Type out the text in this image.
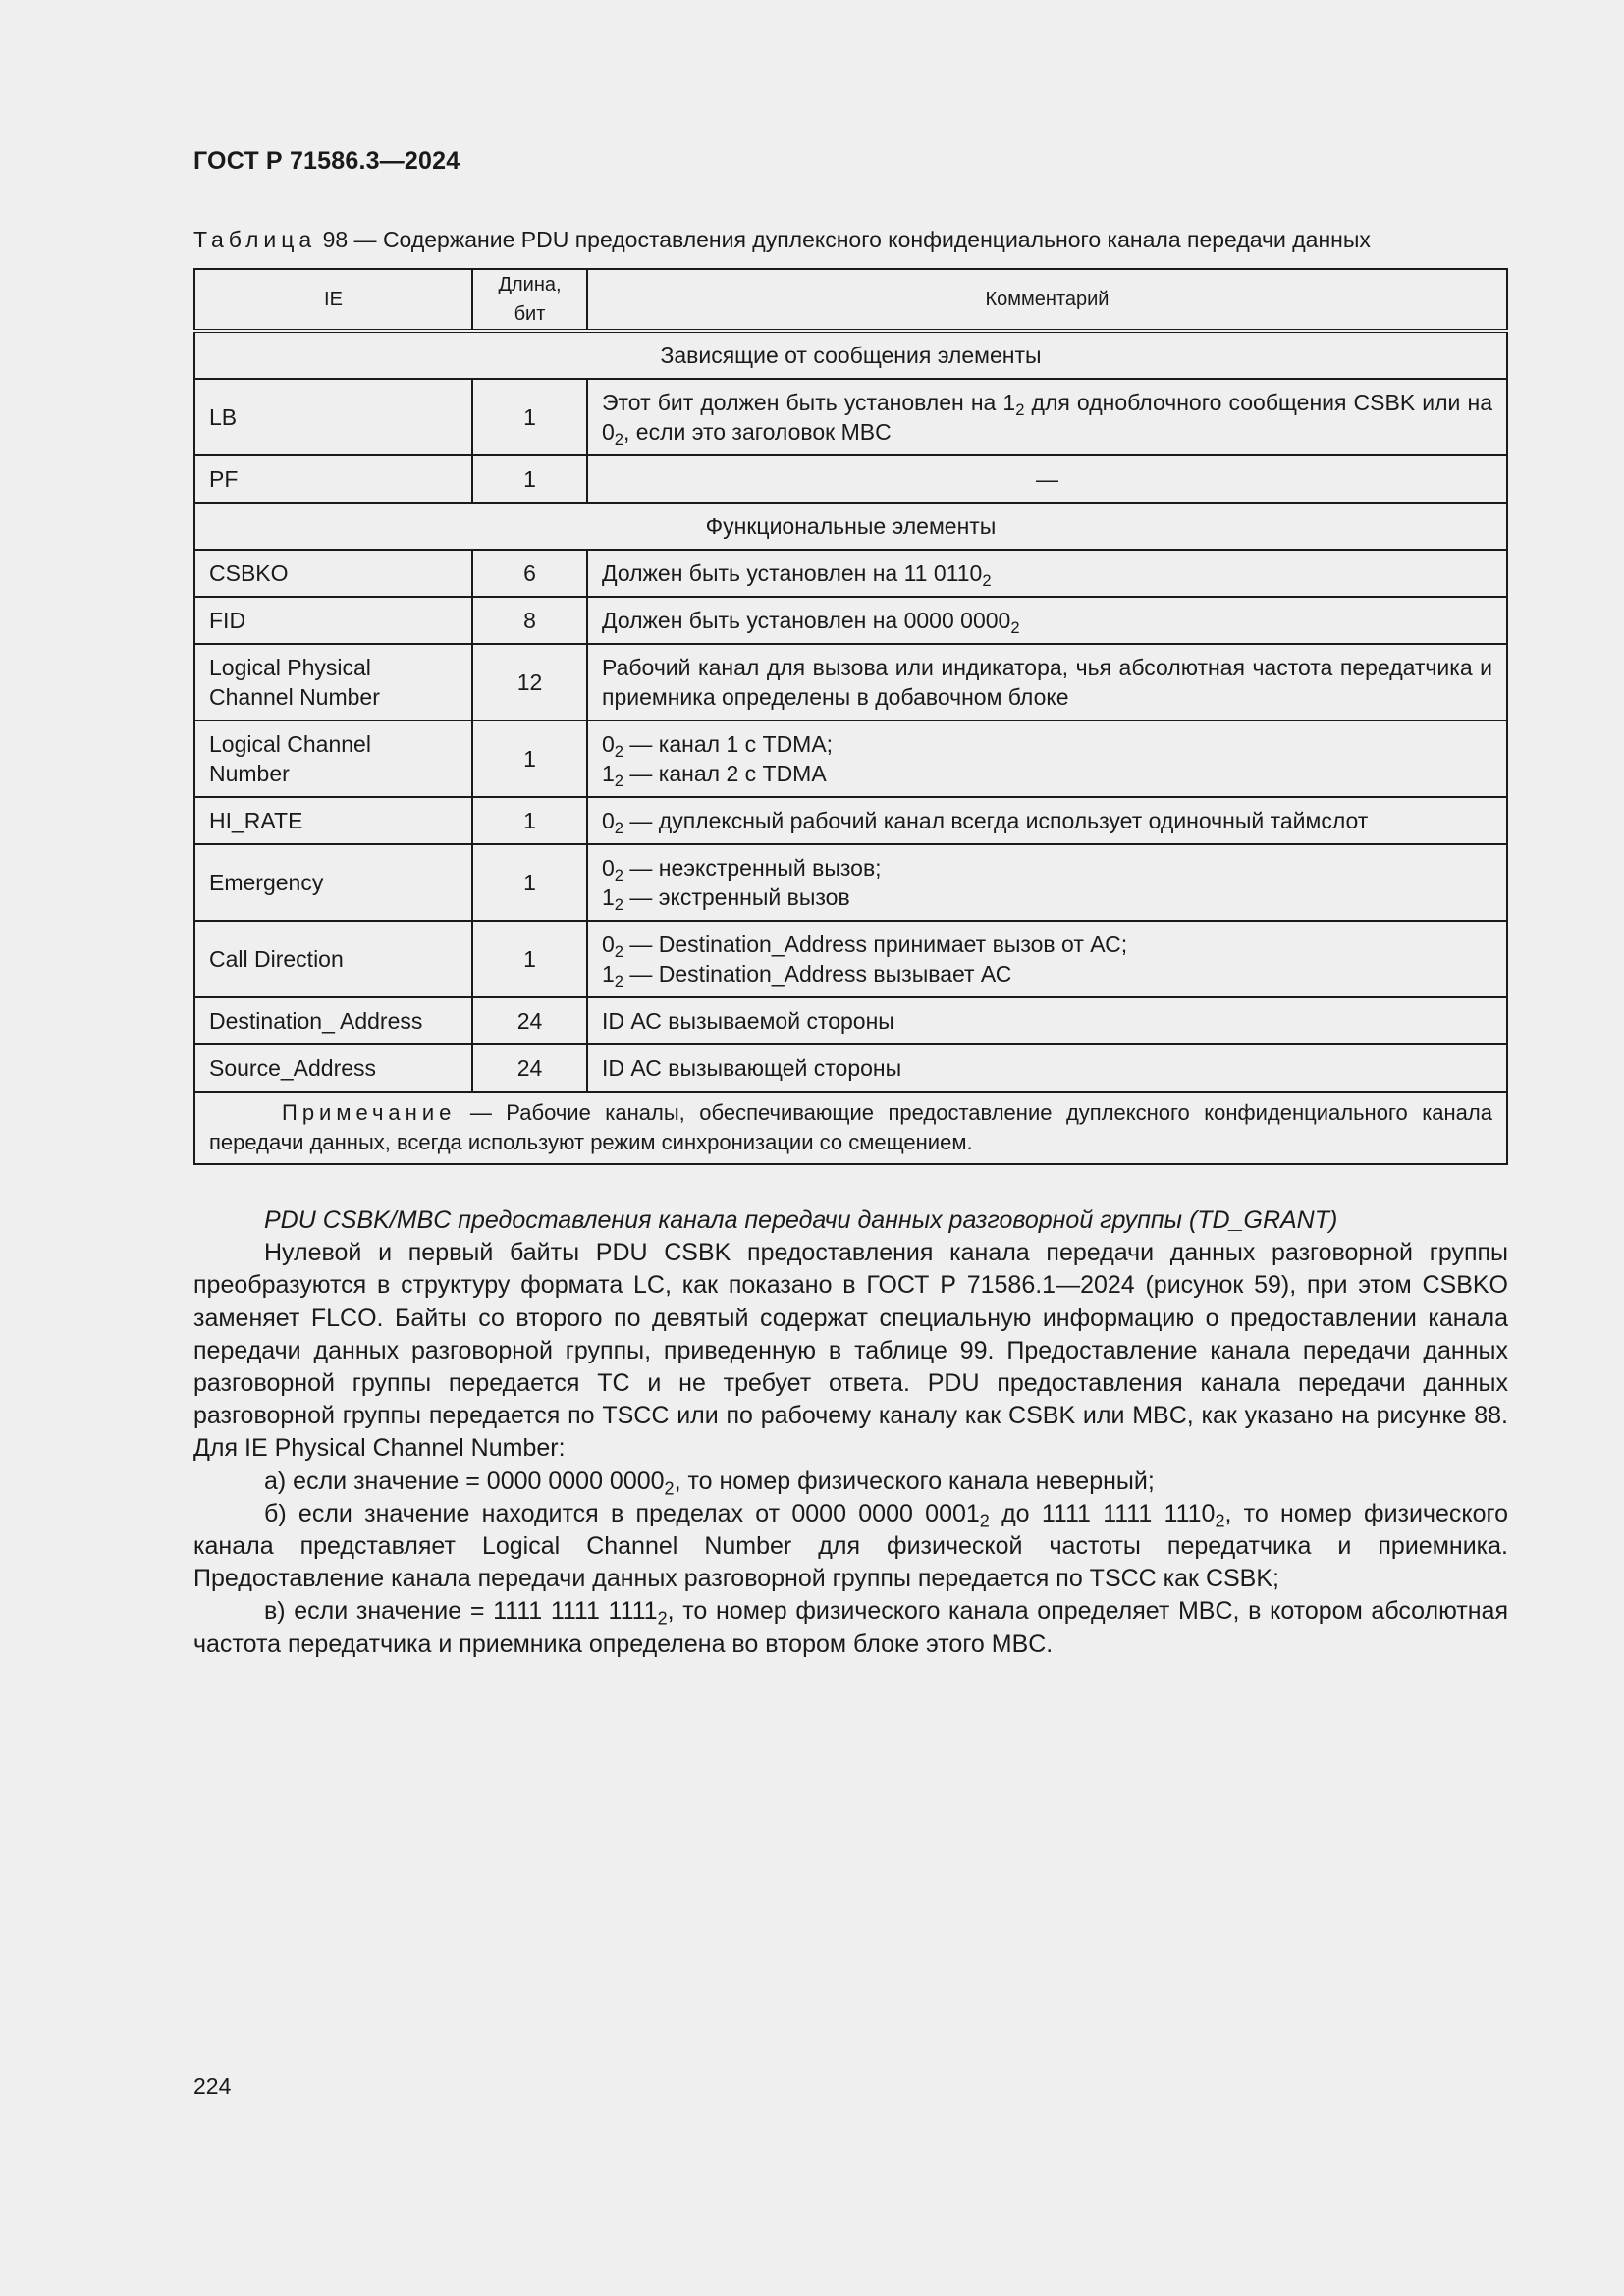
ГОСТ Р 71586.3—2024
Таблица 98 — Содержание PDU предоставления дуплексного конфиденциального канала передачи данных
IE	Длина, бит	Комментарий
Зависящие от сообщения элементы		
LB	1	Этот бит должен быть установлен на $1_2$ для одноблочного сообщения CSBK или на $0_2$, если это заголовок MBC
PF	1	—
Функциональные элементы		
CSBKO	6	Должен быть установлен на 11 $0110_2$
FID	8	Должен быть установлен на 0000 $0000_2$
Logical Physical Channel Number	12	Рабочий канал для вызова или индикатора, чья абсолютная частота передатчика и приемника определены в добавочном блоке
Logical Channel Number	1	$0_2$ — канал 1 с TDMA;
$1_2$ — канал 2 с TDMA

HI_RATE	1	$0_2$ — дуплексный рабочий канал всегда использует одиночный таймслот
Emergency	1	$0_2$ — неэкстренный вызов;
$1_2$ — экстренный вызов

Call Direction	1	$0_2$ — Destination_Address принимает вызов от АС;
$1_2$ — Destination_Address вызывает АС

Destination_ Address	24	ID АС вызываемой стороны
Source_Address	24	ID АС вызывающей стороны
Примечание — Рабочие каналы, обеспечивающие предоставление дуплексного конфиденциального канала передачи данных, всегда используют режим синхронизации со смещением.		

PDU CSBK/MBC предоставления канала передачи данных разговорной группы (TD_GRANT)

Нулевой и первый байты PDU CSBK предоставления канала передачи данных разговорной группы преобразуются в структуру формата LC, как показано в ГОСТ Р 71586.1—2024 (рисунок 59), при этом CSBKO заменяет FLCO. Байты со второго по девятый содержат специальную информацию о предоставлении канала передачи данных разговорной группы, приведенную в таблице 99. Предоставление канала передачи данных разговорной группы передается ТС и не требует ответа. PDU предоставления канала передачи данных разговорной группы передается по TSCC или по рабочему каналу как CSBK или MBC, как указано на рисунке 88. Для IE Physical Channel Number:

а) если значение = 0000 0000 $0000_2$, то номер физического канала неверный;

б) если значение находится в пределах от 0000 0000 $0001_2$ до 1111 1111 $1110_2$, то номер физического канала представляет Logical Channel Number для физической частоты передатчика и приемника. Предоставление канала передачи данных разговорной группы передается по TSCC как CSBK;

в) если значение = 1111 1111 $1111_2$, то номер физического канала определяет MBC, в котором абсолютная частота передатчика и приемника определена во втором блоке этого MBC.

224
